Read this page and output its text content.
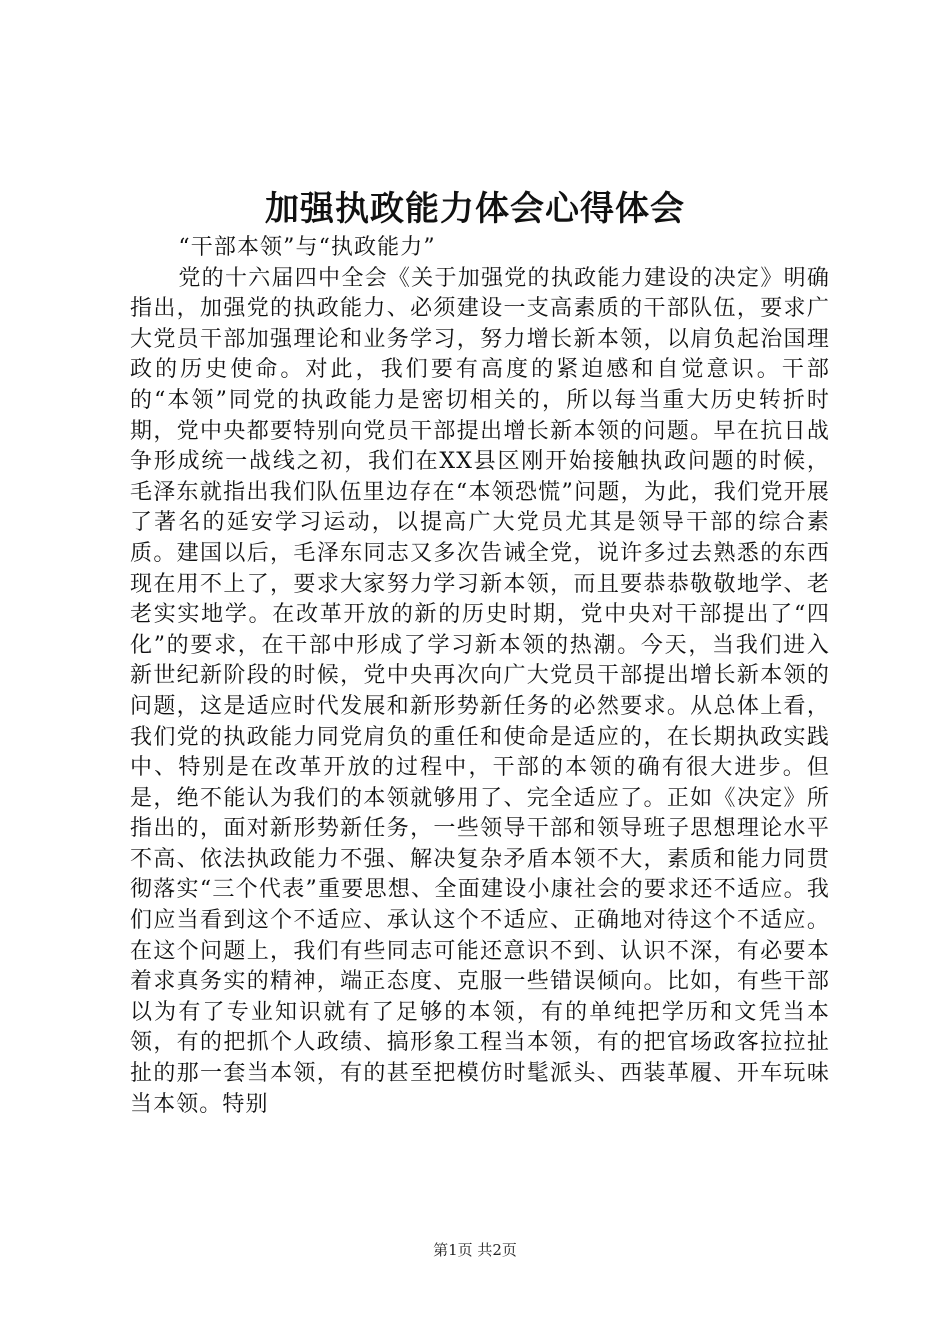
加强执政能力体会心得体会

“干部本领”与“执政能力”

党的十六届四中全会《关于加强党的执政能力建设的决定》明确指出，加强党的执政能力、必须建设一支高素质的干部队伍，要求广大党员干部加强理论和业务学习，努力增长新本领，以肩负起治国理政的历史使命。对此，我们要有高度的紧迫感和自觉意识。干部的“本领”同党的执政能力是密切相关的，所以每当重大历史转折时期，党中央都要特别向党员干部提出增长新本领的问题。早在抗日战争形成统一战线之初，我们在XX县区刚开始接触执政问题的时候，毛泽东就指出我们队伍里边存在“本领恐慌”问题，为此，我们党开展了著名的延安学习运动，以提高广大党员尤其是领导干部的综合素质。建国以后，毛泽东同志又多次告诫全党，说许多过去熟悉的东西现在用不上了，要求大家努力学习新本领，而且要恭恭敬敬地学、老老实实地学。在改革开放的新的历史时期，党中央对干部提出了“四化”的要求，在干部中形成了学习新本领的热潮。今天，当我们进入新世纪新阶段的时候，党中央再次向广大党员干部提出增长新本领的问题，这是适应时代发展和新形势新任务的必然要求。从总体上看，我们党的执政能力同党肩负的重任和使命是适应的，在长期执政实践中、特别是在改革开放的过程中，干部的本领的确有很大进步。但是，绝不能认为我们的本领就够用了、完全适应了。正如《决定》所指出的，面对新形势新任务，一些领导干部和领导班子思想理论水平不高、依法执政能力不强、解决复杂矛盾本领不大，素质和能力同贯彻落实“三个代表”重要思想、全面建设小康社会的要求还不适应。我们应当看到这个不适应、承认这个不适应、正确地对待这个不适应。在这个问题上，我们有些同志可能还意识不到、认识不深，有必要本着求真务实的精神，端正态度、克服一些错误倾向。比如，有些干部以为有了专业知识就有了足够的本领，有的单纯把学历和文凭当本领，有的把抓个人政绩、搞形象工程当本领，有的把官场政客拉拉扯扯的那一套当本领，有的甚至把模仿时髦派头、西装革履、开车玩味当本领。特别

第1页 共2页
